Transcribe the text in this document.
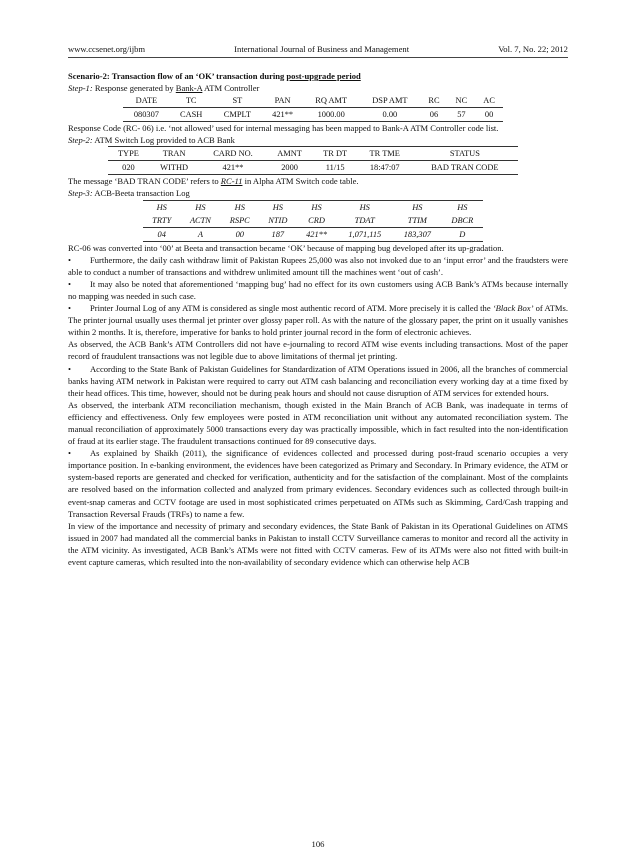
www.ccsenet.org/ijbm	International Journal of Business and Management	Vol. 7, No. 22; 2012

Scenario-2: Transaction flow of an ‘OK’ transaction during post-upgrade period

Step-1: Response generated by Bank-A ATM Controller

DATE	TC	ST	PAN	RQ AMT	DSP AMT	RC	NC	AC
080307	CASH	CMPLT	421**	1000.00	0.00	06	57	00

Response Code (RC- 06) i.e. ‘not allowed’ used for internal messaging has been mapped to Bank-A ATM Controller code list.

Step-2: ATM Switch Log provided to ACB Bank

TYPE	TRAN	CARD NO.	AMNT	TR DT	TR TME	STATUS
020	WITHD	421**	2000	11/15	18:47:07	BAD TRAN CODE

The message ‘BAD TRAN CODE’ refers to RC-11 in Alpha ATM Switch code table.

Step-3: ACB-Beeta transaction Log

HS	HS	HS	HS	HS	HS	HS	HS
TRTY	ACTN	RSPC	NTID	CRD	TDAT	TTIM	DBCR
04	A	00	187	421**	1,071,115	183,307	D

RC-06 was converted into ‘00’ at Beeta and transaction became ‘OK’ because of mapping bug developed after its up-gradation.

• Furthermore, the daily cash withdraw limit of Pakistan Rupees 25,000 was also not invoked due to an ‘input error’ and the fraudsters were able to conduct a number of transactions and withdrew unlimited amount till the machines went ‘out of cash’.

• It may also be noted that aforementioned ‘mapping bug’ had no effect for its own customers using ACB Bank’s ATMs because internally no mapping was needed in such case.

• Printer Journal Log of any ATM is considered as single most authentic record of ATM. More precisely it is called the ‘Black Box’ of ATMs. The printer journal usually uses thermal jet printer over glossy paper roll. As with the nature of the glossary paper, the print on it usually vanishes within 2 months. It is, therefore, imperative for banks to hold printer journal record in the form of electronic achieves.

As observed, the ACB Bank’s ATM Controllers did not have e-journaling to record ATM wise events including transactions. Most of the paper record of fraudulent transactions was not legible due to above limitations of thermal jet printing.

• According to the State Bank of Pakistan Guidelines for Standardization of ATM Operations issued in 2006, all the branches of commercial banks having ATM network in Pakistan were required to carry out ATM cash balancing and reconciliation every working day at a time fixed by their head offices. This time, however, should not be during peak hours and should not cause disruption of ATM services for extended hours.

As observed, the interbank ATM reconciliation mechanism, though existed in the Main Branch of ACB Bank, was inadequate in terms of efficiency and effectiveness. Only few employees were posted in ATM reconciliation unit without any automated reconciliation system. The manual reconciliation of approximately 5000 transactions every day was practically impossible, which in fact resulted into the non-identification of fraud at its earlier stage. The fraudulent transactions continued for 89 consecutive days.

• As explained by Shaikh (2011), the significance of evidences collected and processed during post-fraud scenario occupies a very importance position. In e-banking environment, the evidences have been categorized as Primary and Secondary. In Primary evidence, the ATM or system-based reports are generated and checked for verification, authenticity and for the satisfaction of the complainant. Most of the complaints are resolved based on the information collected and analyzed from primary evidences. Secondary evidences such as collected through built-in event-snap cameras and CCTV footage are used in most sophisticated crimes perpetuated on ATMs such as Skimming, Card/Cash trapping and Transaction Reversal Frauds (TRFs) to name a few.

In view of the importance and necessity of primary and secondary evidences, the State Bank of Pakistan in its Operational Guidelines on ATMS issued in 2007 had mandated all the commercial banks in Pakistan to install CCTV Surveillance cameras to monitor and record all the activity in the ATM vicinity. As investigated, ACB Bank’s ATMs were not fitted with CCTV cameras. Few of its ATMs were also not fitted with built-in event capture cameras, which resulted into the non-availability of secondary evidence which can otherwise help ACB

106
